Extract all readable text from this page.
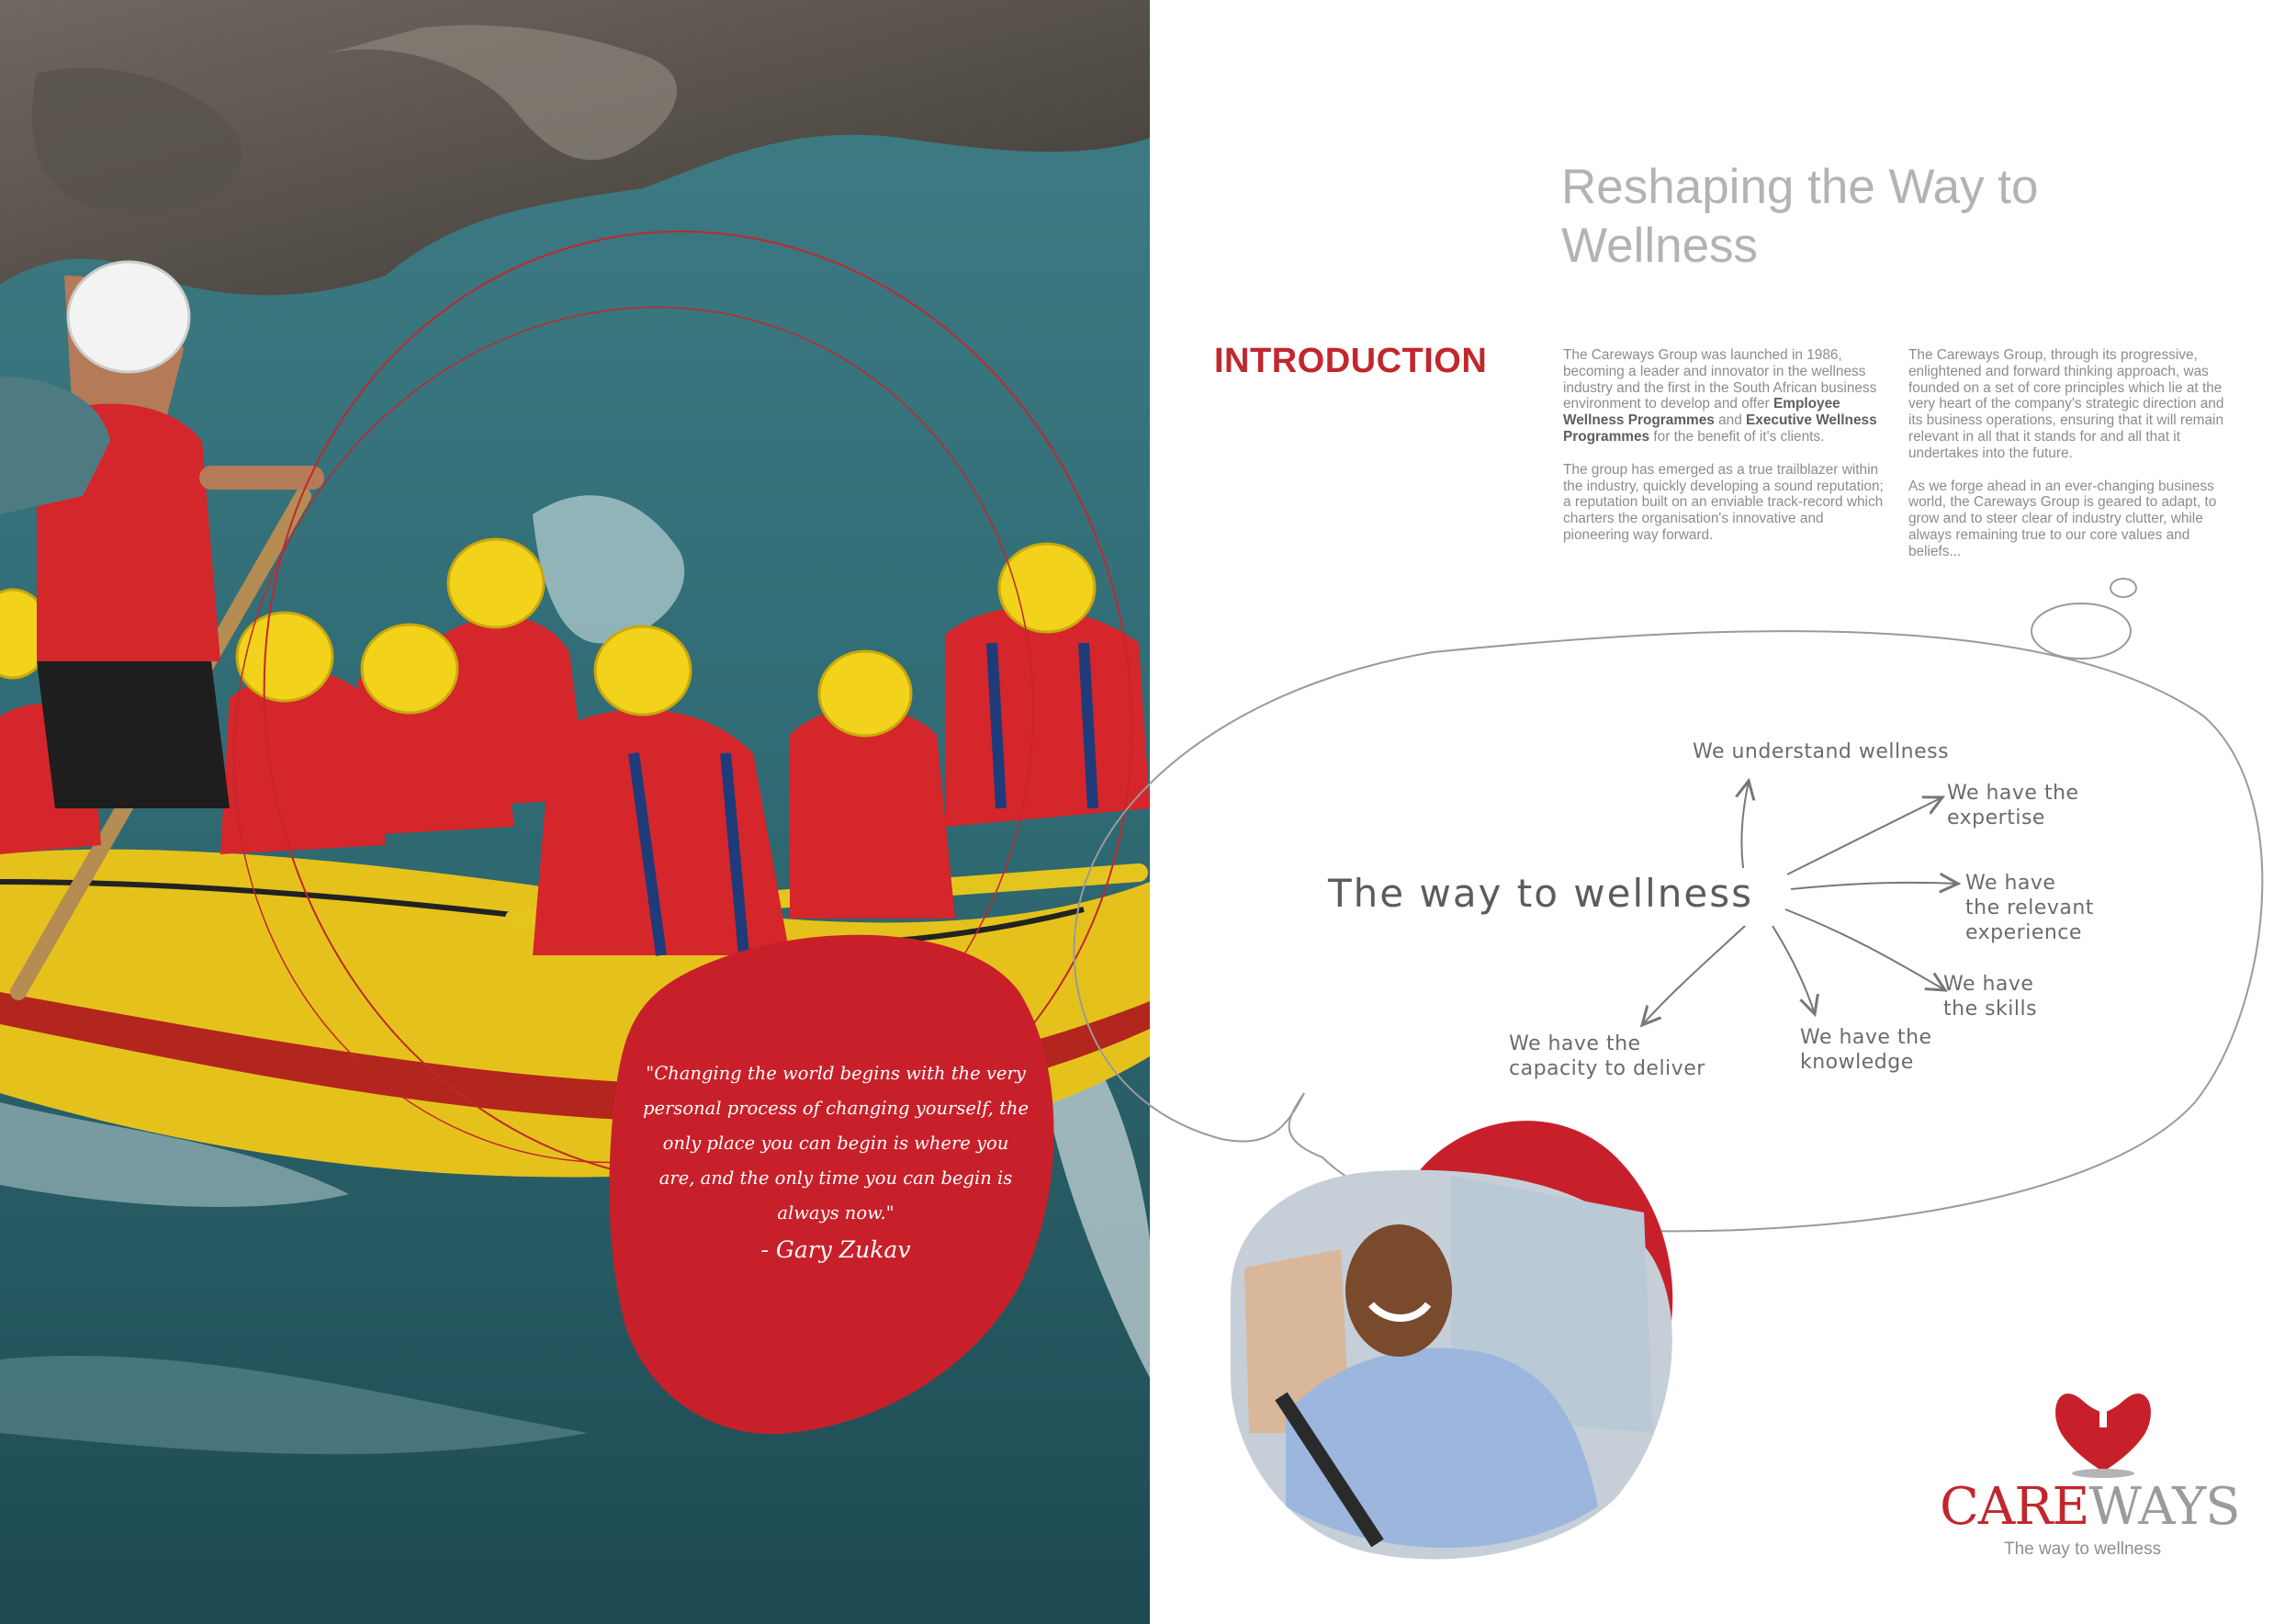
"Changing the world begins with the very personal process of changing yourself, the only place you can begin is where you are, and the only time you can begin is always now."
- Gary Zukav
Reshaping the Way to Wellness
INTRODUCTION	The Careways Group was launched in 1986, becoming a leader and innovator in the wellness industry and the first in the South African business environment to develop and offer Employee Wellness Programmes and Executive Wellness Programmes for the benefit of it's clients.

The group has emerged as a true trailblazer within the industry, quickly developing a sound reputation; a reputation built on an enviable track-record which charters the organisation's innovative and pioneering way forward.

The Careways Group, through its progressive, enlightened and forward thinking approach, was founded on a set of core principles which lie at the very heart of the company's strategic direction and its business operations, ensuring that it will remain relevant in all that it stands for and all that it undertakes into the future.

As we forge ahead in an ever-changing business world, the Careways Group is geared to adapt, to grow and to steer clear of industry clutter, while always remaining true to our core values and beliefs...

The way to wellness
We understand wellness
We have the
expertise
We have
the relevant
experience
We have
the skills
We have the
knowledge
We have the
capacity to deliver
CAREWAYS
The way to wellness
